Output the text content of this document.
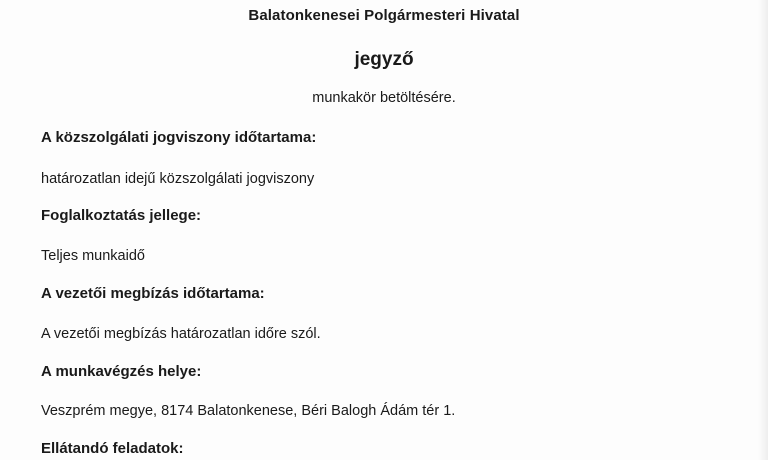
Balatonkenesei Polgármesteri Hivatal
jegyző
munkakör betöltésére.
A közszolgálati jogviszony időtartama:
határozatlan idejű közszolgálati jogviszony
Foglalkoztatás jellege:
Teljes munkaidő
A vezetői megbízás időtartama:
A vezetői megbízás határozatlan időre szól.
A munkavégzés helye:
Veszprém megye, 8174 Balatonkenese, Béri Balogh Ádám tér 1.
Ellátandó feladatok:
